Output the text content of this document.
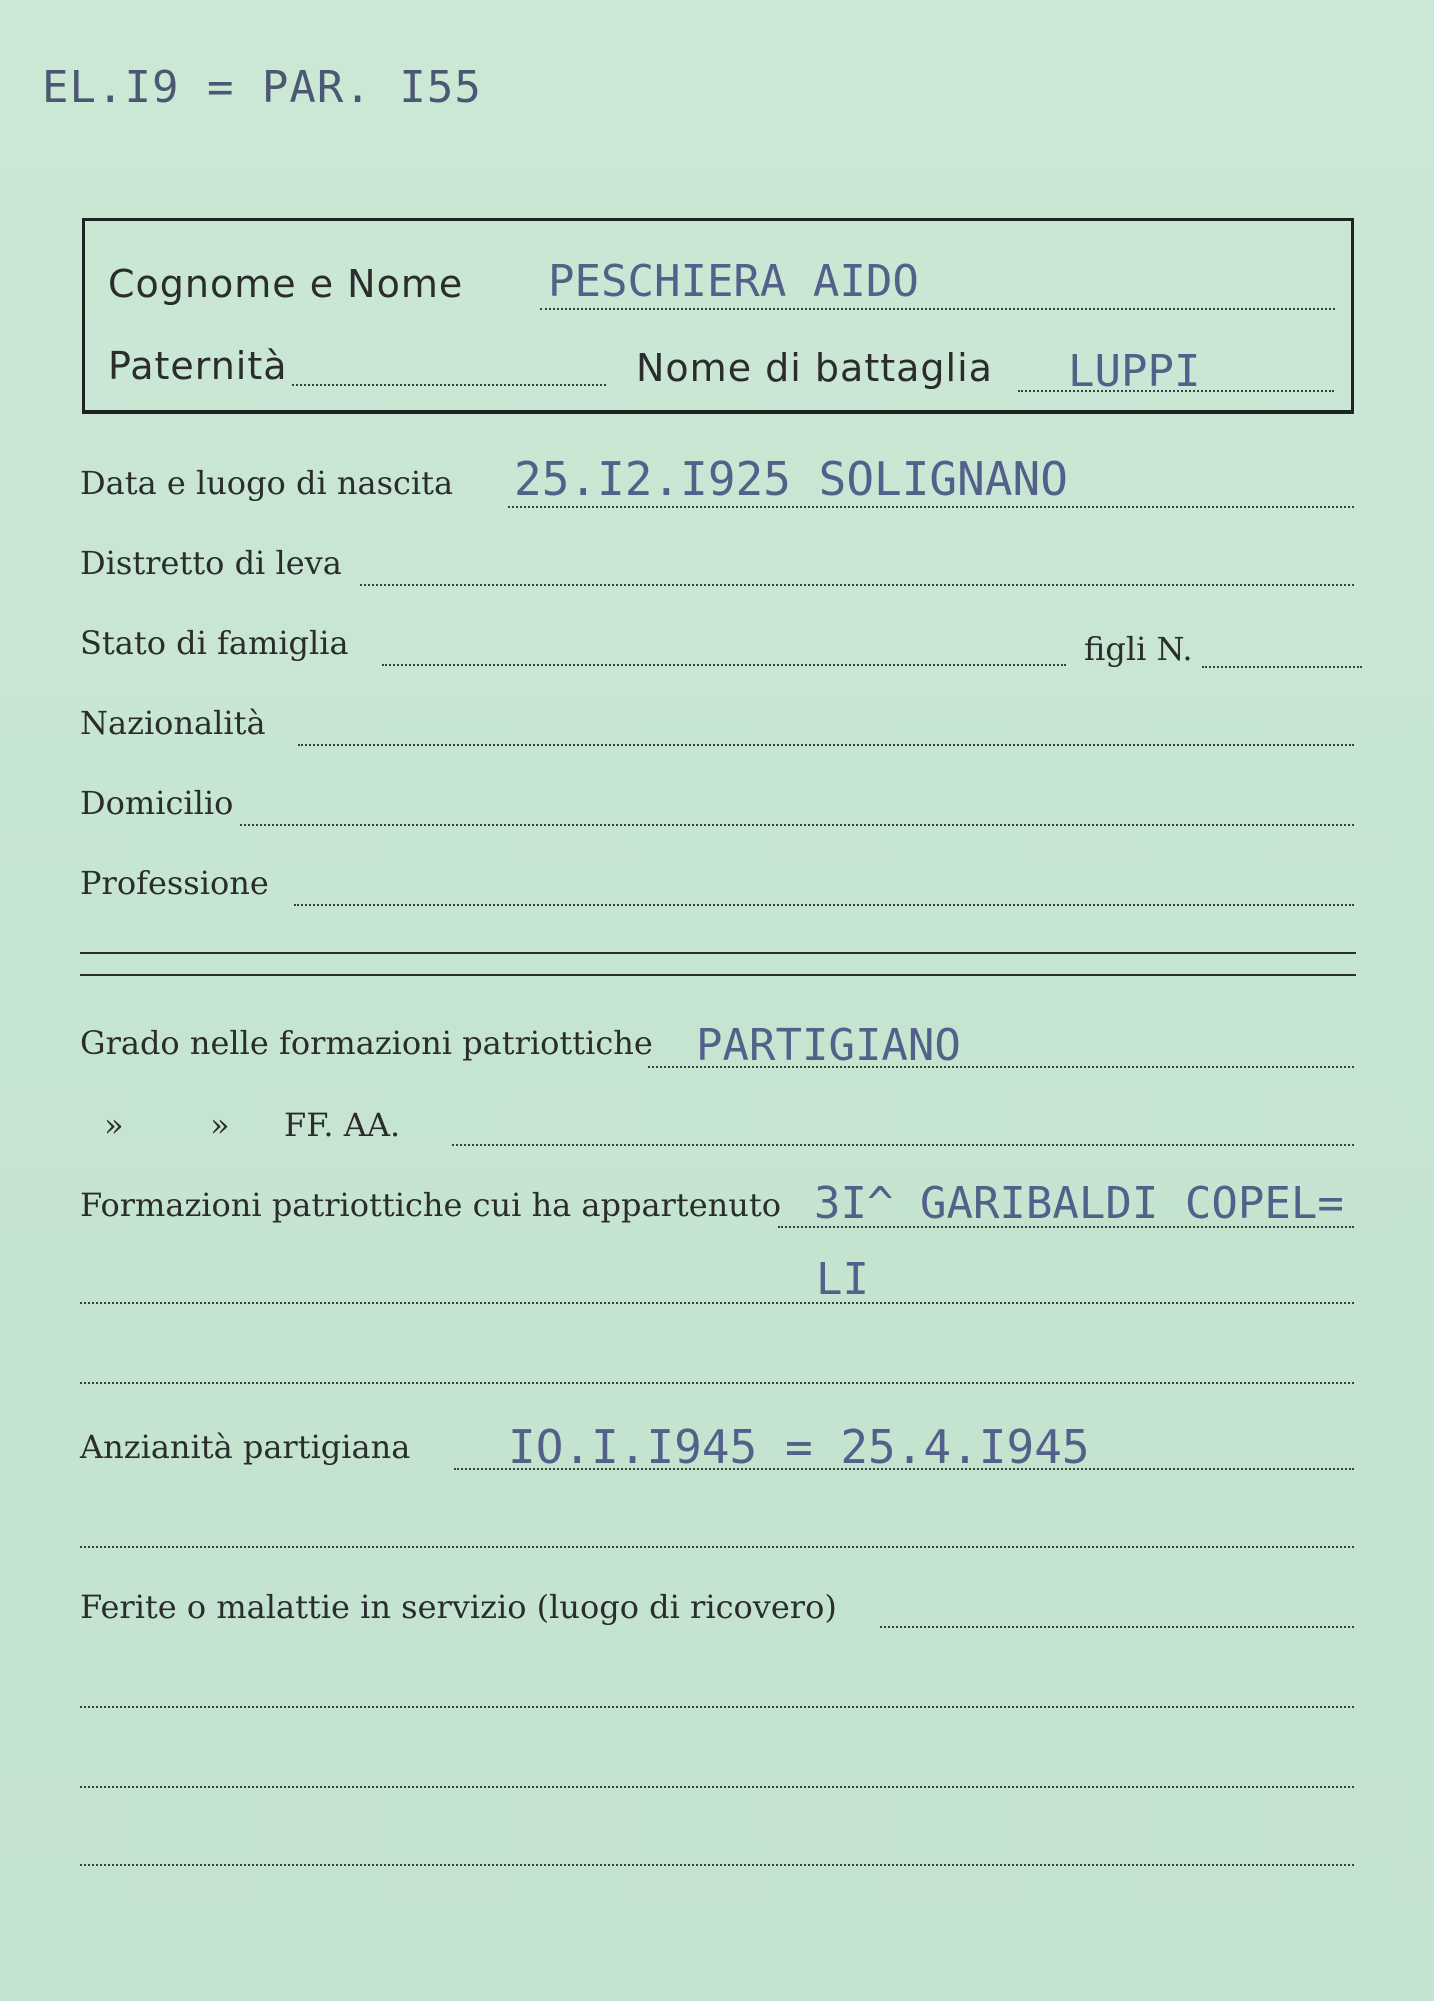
EL.I9 = PAR. I55
Cognome e Nome PESCHIERA AIDO
Paternità	Nome di battaglia LUPPI
Data e luogo di nascita 25.I2.I925 SOLIGNANO
Distretto di leva
Stato di famiglia	figli N.
Nazionalità
Domicilio
Professione
Grado nelle formazioni patriottiche PARTIGIANO
»	» FF. AA.
Formazioni patriottiche cui ha appartenuto 3I^ GARIBALDI COPEL=
LI
Anzianità partigiana IO.I.I945 = 25.4.I945
Ferite o malattie in servizio (luogo di ricovero)
